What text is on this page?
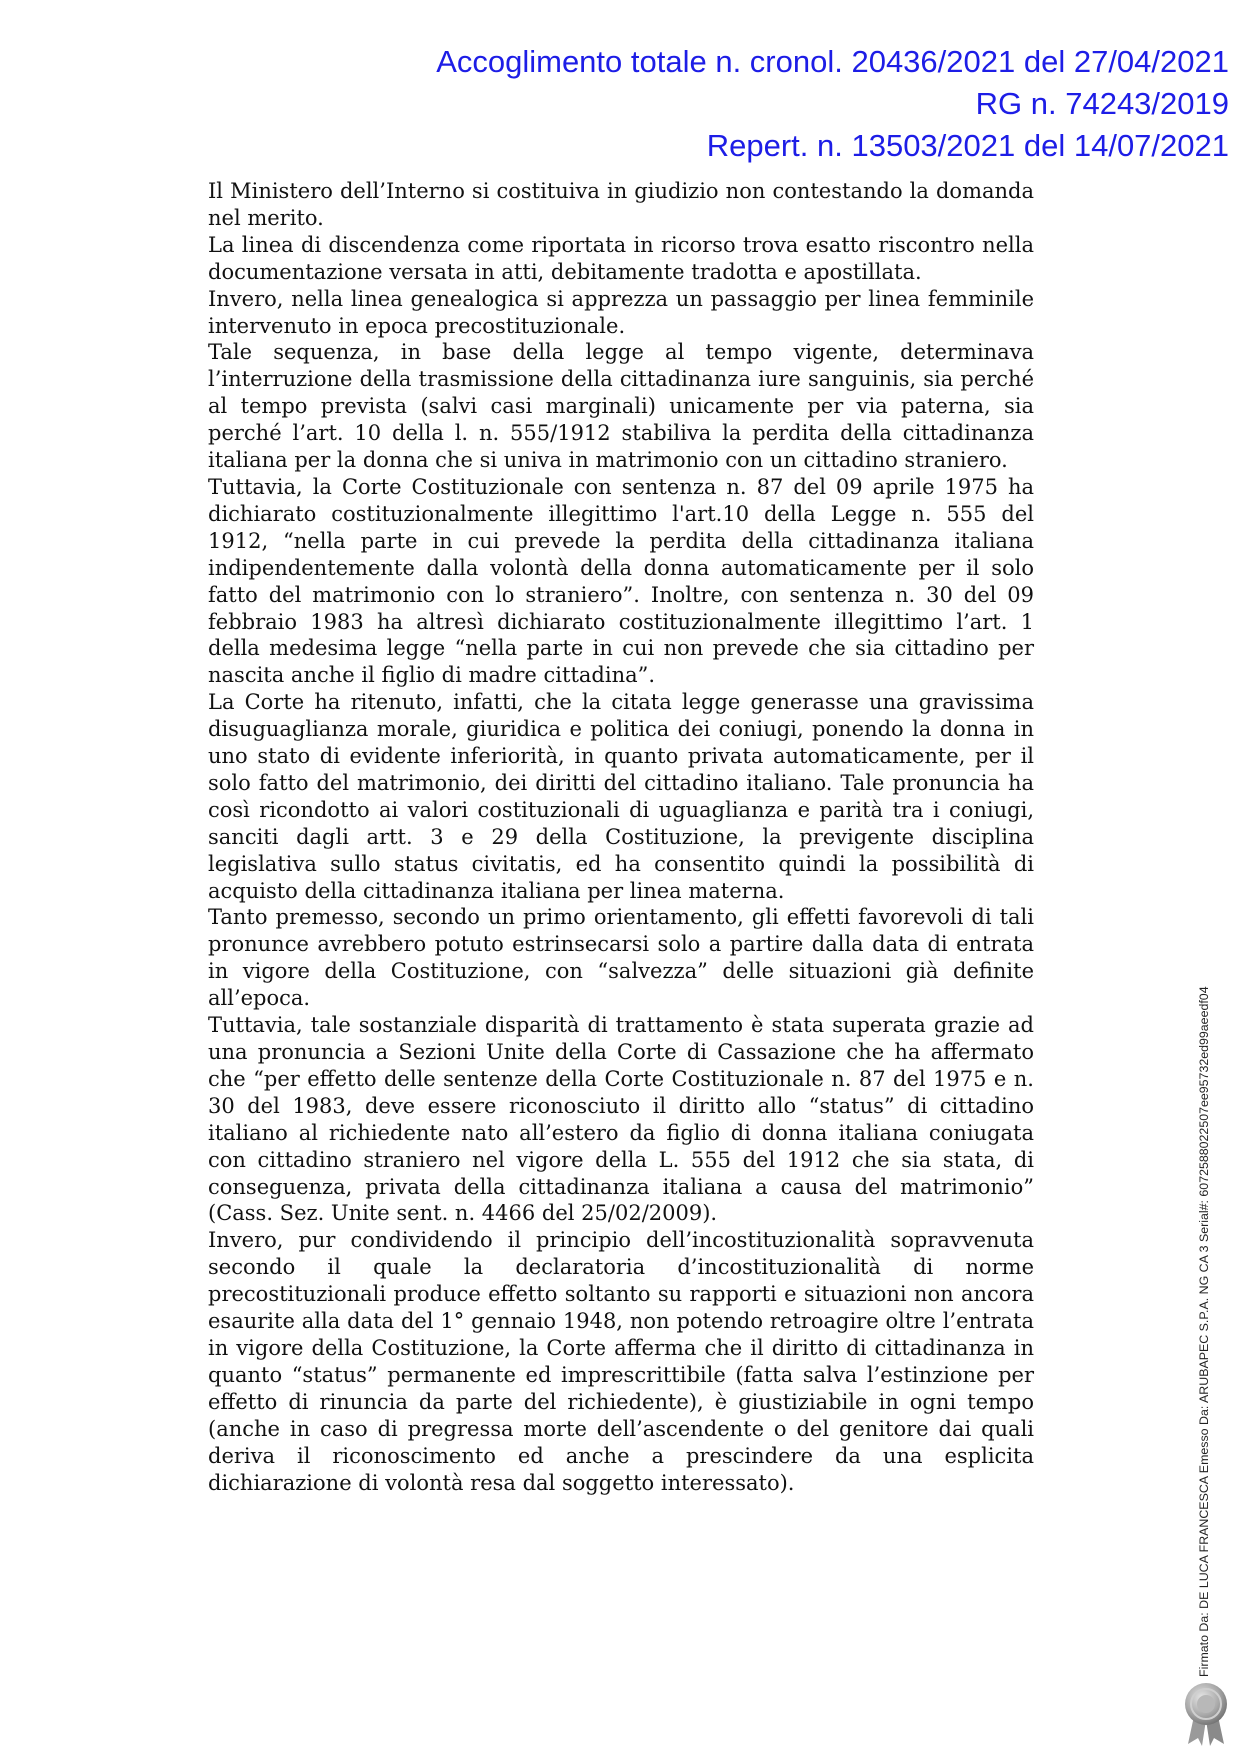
Accoglimento totale n. cronol. 20436/2021 del 27/04/2021
RG n. 74243/2019
Repert. n. 13503/2021 del 14/07/2021

Il Ministero dell’Interno si costituiva in giudizio non contestando la domanda nel merito.

La linea di discendenza come riportata in ricorso trova esatto riscontro nella documentazione versata in atti, debitamente tradotta e apostillata.

Invero, nella linea genealogica si apprezza un passaggio per linea femminile intervenuto in epoca precostituzionale.

Tale sequenza, in base della legge al tempo vigente, determinava l’interruzione della trasmissione della cittadinanza iure sanguinis, sia perché al tempo prevista (salvi casi marginali) unicamente per via paterna, sia perché l’art. 10 della l. n. 555/1912 stabiliva la perdita della cittadinanza italiana per la donna che si univa in matrimonio con un cittadino straniero.

Tuttavia, la Corte Costituzionale con sentenza n. 87 del 09 aprile 1975 ha dichiarato costituzionalmente illegittimo l'art.10 della Legge n. 555 del 1912, “nella parte in cui prevede la perdita della cittadinanza italiana indipendentemente dalla volontà della donna automaticamente per il solo fatto del matrimonio con lo straniero”. Inoltre, con sentenza n. 30 del 09 febbraio 1983 ha altresì dichiarato costituzionalmente illegittimo l’art. 1 della medesima legge “nella parte in cui non prevede che sia cittadino per nascita anche il figlio di madre cittadina”.

La Corte ha ritenuto, infatti, che la citata legge generasse una gravissima disuguaglianza morale, giuridica e politica dei coniugi, ponendo la donna in uno stato di evidente inferiorità, in quanto privata automaticamente, per il solo fatto del matrimonio, dei diritti del cittadino italiano. Tale pronuncia ha così ricondotto ai valori costituzionali di uguaglianza e parità tra i coniugi, sanciti dagli artt. 3 e 29 della Costituzione, la previgente disciplina legislativa sullo status civitatis, ed ha consentito quindi la possibilità di acquisto della cittadinanza italiana per linea materna.

Tanto premesso, secondo un primo orientamento, gli effetti favorevoli di tali pronunce avrebbero potuto estrinsecarsi solo a partire dalla data di entrata in vigore della Costituzione, con “salvezza” delle situazioni già definite all’epoca.

Tuttavia, tale sostanziale disparità di trattamento è stata superata grazie ad una pronuncia a Sezioni Unite della Corte di Cassazione che ha affermato che “per effetto delle sentenze della Corte Costituzionale n. 87 del 1975 e n. 30 del 1983, deve essere riconosciuto il diritto allo “status” di cittadino italiano al richiedente nato all’estero da figlio di donna italiana coniugata con cittadino straniero nel vigore della L. 555 del 1912 che sia stata, di conseguenza, privata della cittadinanza italiana a causa del matrimonio” (Cass. Sez. Unite sent. n. 4466 del 25/02/2009).

Invero, pur condividendo il principio dell’incostituzionalità sopravvenuta secondo il quale la declaratoria d’incostituzionalità di norme precostituzionali produce effetto soltanto su rapporti e situazioni non ancora esaurite alla data del 1° gennaio 1948, non potendo retroagire oltre l’entrata in vigore della Costituzione, la Corte afferma che il diritto di cittadinanza in quanto “status” permanente ed imprescrittibile (fatta salva l’estinzione per effetto di rinuncia da parte del richiedente), è giustiziabile in ogni tempo (anche in caso di pregressa morte dell’ascendente o del genitore dai quali deriva il riconoscimento ed anche a prescindere da una esplicita dichiarazione di volontà resa dal soggetto interessato).	Firmato Da: DE LUCA FRANCESCA Emesso Da: ARUBAPEC S.P.A. NG CA 3 Serial#: 6072588022507ee95732ed99aeedf04
